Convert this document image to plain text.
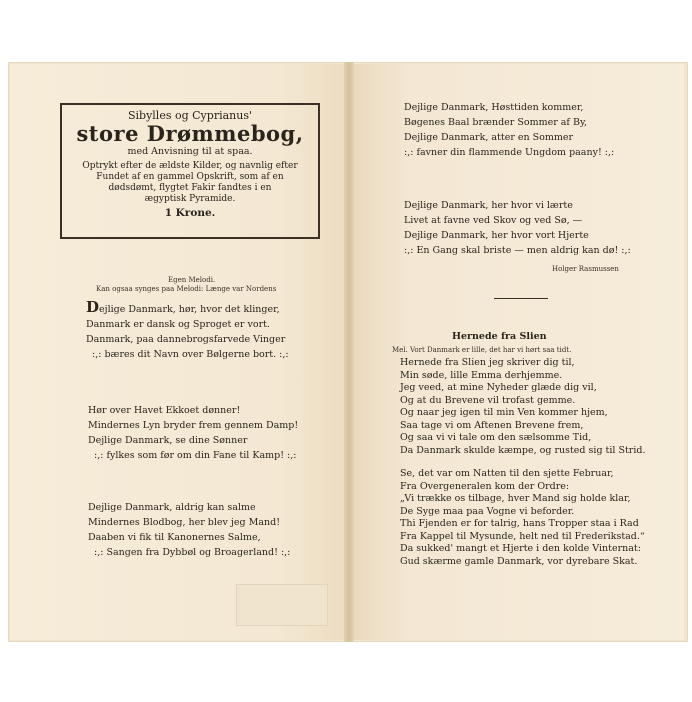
Sibylles og Cyprianus'
store Drømmebog,
med Anvisning til at spaa.
Optrykt efter de ældste Kilder, og navnlig efter
Fundet af en gammel Opskrift, som af en
dødsdømt, flygtet Fakir fandtes i en
ægyptisk Pyramide.
1 Krone.
Egen Melodi.
Kan ogsaa synges paa Melodi: Længe var Nordens
Dejlige Danmark, hør, hvor det klinger,
Danmark er dansk og Sproget er vort.
Danmark, paa dannebrogsfarvede Vinger
:,: bæres dit Navn over Bølgerne bort. :,:
Hør over Havet Ekkoet dønner!
Mindernes Lyn bryder frem gennem Damp!
Dejlige Danmark, se dine Sønner
:,: fylkes som før om din Fane til Kamp! :,:
Dejlige Danmark, aldrig kan salme
Mindernes Blodbog, her blev jeg Mand!
Daaben vi fik til Kanonernes Salme,
:,: Sangen fra Dybbøl og Broagerland! :,:
Dejlige Danmark, Høsttiden kommer,
Bøgenes Baal brænder Sommer af By,
Dejlige Danmark, atter en Sommer
:,: favner din flammende Ungdom paany! :,:
Dejlige Danmark, her hvor vi lærte
Livet at favne ved Skov og ved Sø, —
Dejlige Danmark, her hvor vort Hjerte
:,: En Gang skal briste — men aldrig kan dø! :,:
Holger Rasmussen
Hernede fra Slien
Mel. Vort Danmark er lille, det har vi hørt saa tidt.
Hernede fra Slien jeg skriver dig til,
Min søde, lille Emma derhjemme.
Jeg veed, at mine Nyheder glæde dig vil,
Og at du Brevene vil trofast gemme.
Og naar jeg igen til min Ven kommer hjem,
Saa tage vi om Aftenen Brevene frem,
Og saa vi vi tale om den sælsomme Tid,
Da Danmark skulde kæmpe, og rusted sig til Strid.
Se, det var om Natten til den sjette Februar,
Fra Overgeneralen kom der Ordre:
„Vi trække os tilbage, hver Mand sig holde klar,
De Syge maa paa Vogne vi beforder.
Thi Fjenden er for talrig, hans Tropper staa i Rad
Fra Kappel til Mysunde, helt ned til Frederikstad.“
Da sukked' mangt et Hjerte i den kolde Vinternat:
Gud skærme gamle Danmark, vor dyrebare Skat.
